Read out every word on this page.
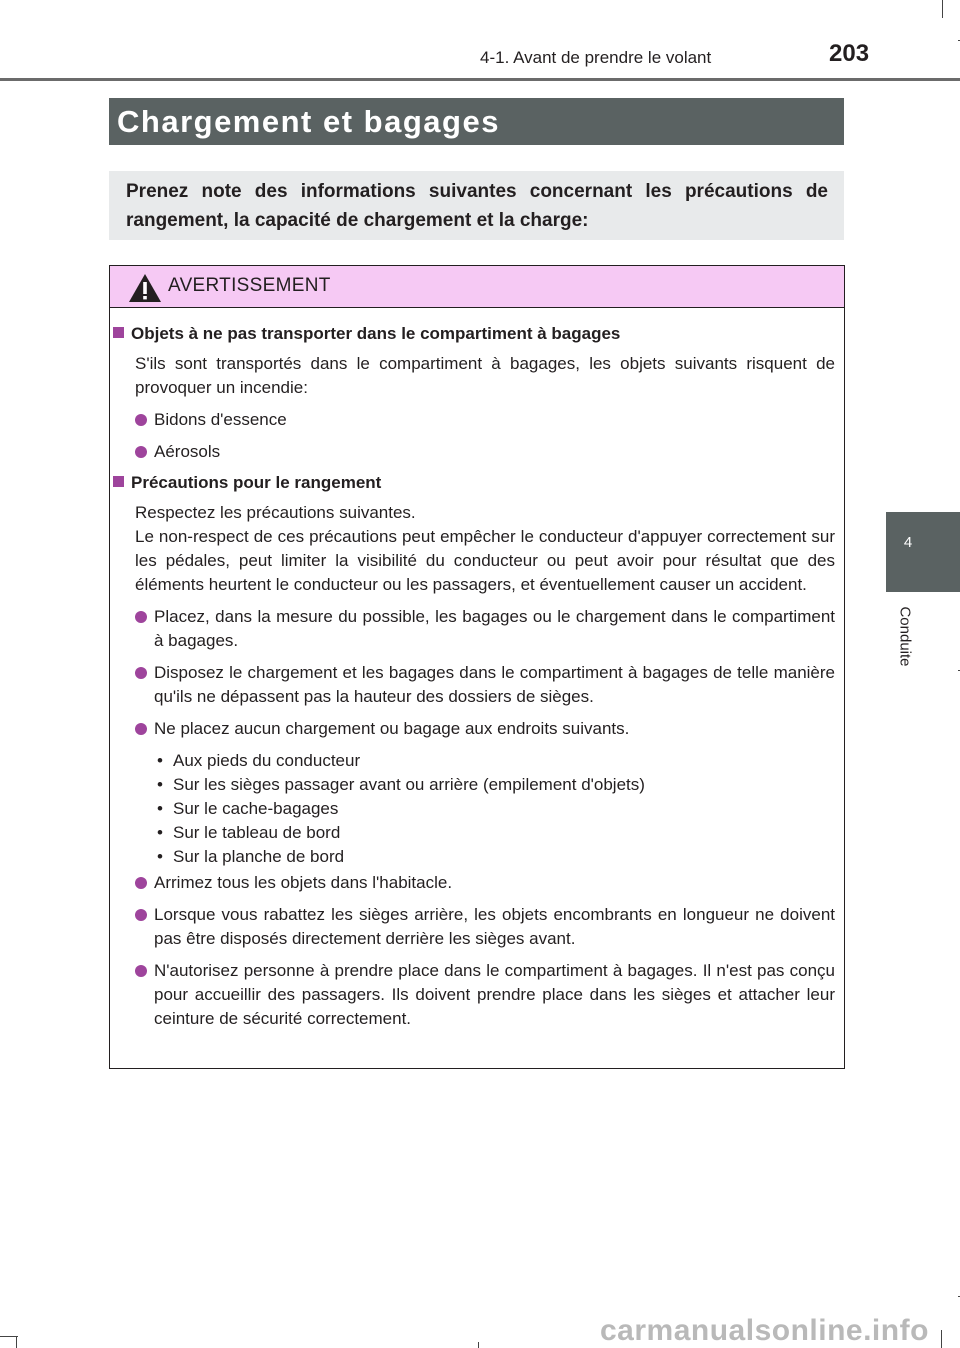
4-1. Avant de prendre le volant	203
Chargement et bagages
Prenez note des informations suivantes concernant les précautions de rangement, la capacité de chargement et la charge:
AVERTISSEMENT
Objets à ne pas transporter dans le compartiment à bagages
S'ils sont transportés dans le compartiment à bagages, les objets suivants risquent de provoquer un incendie:
Bidons d'essence
Aérosols
Précautions pour le rangement
Respectez les précautions suivantes.
Le non-respect de ces précautions peut empêcher le conducteur d'appuyer correctement sur les pédales, peut limiter la visibilité du conducteur ou peut avoir pour résultat que des éléments heurtent le conducteur ou les passagers, et éventuellement causer un accident.
Placez, dans la mesure du possible, les bagages ou le chargement dans le compartiment à bagages.
Disposez le chargement et les bagages dans le compartiment à bagages de telle manière qu'ils ne dépassent pas la hauteur des dossiers de sièges.
Ne placez aucun chargement ou bagage aux endroits suivants.
• Aux pieds du conducteur
• Sur les sièges passager avant ou arrière (empilement d'objets)
• Sur le cache-bagages
• Sur le tableau de bord
• Sur la planche de bord
Arrimez tous les objets dans l'habitacle.
Lorsque vous rabattez les sièges arrière, les objets encombrants en longueur ne doivent pas être disposés directement derrière les sièges avant.
N'autorisez personne à prendre place dans le compartiment à bagages. Il n'est pas conçu pour accueillir des passagers. Ils doivent prendre place dans les sièges et attacher leur ceinture de sécurité correctement.
4
Conduite
carmanualsonline.info
